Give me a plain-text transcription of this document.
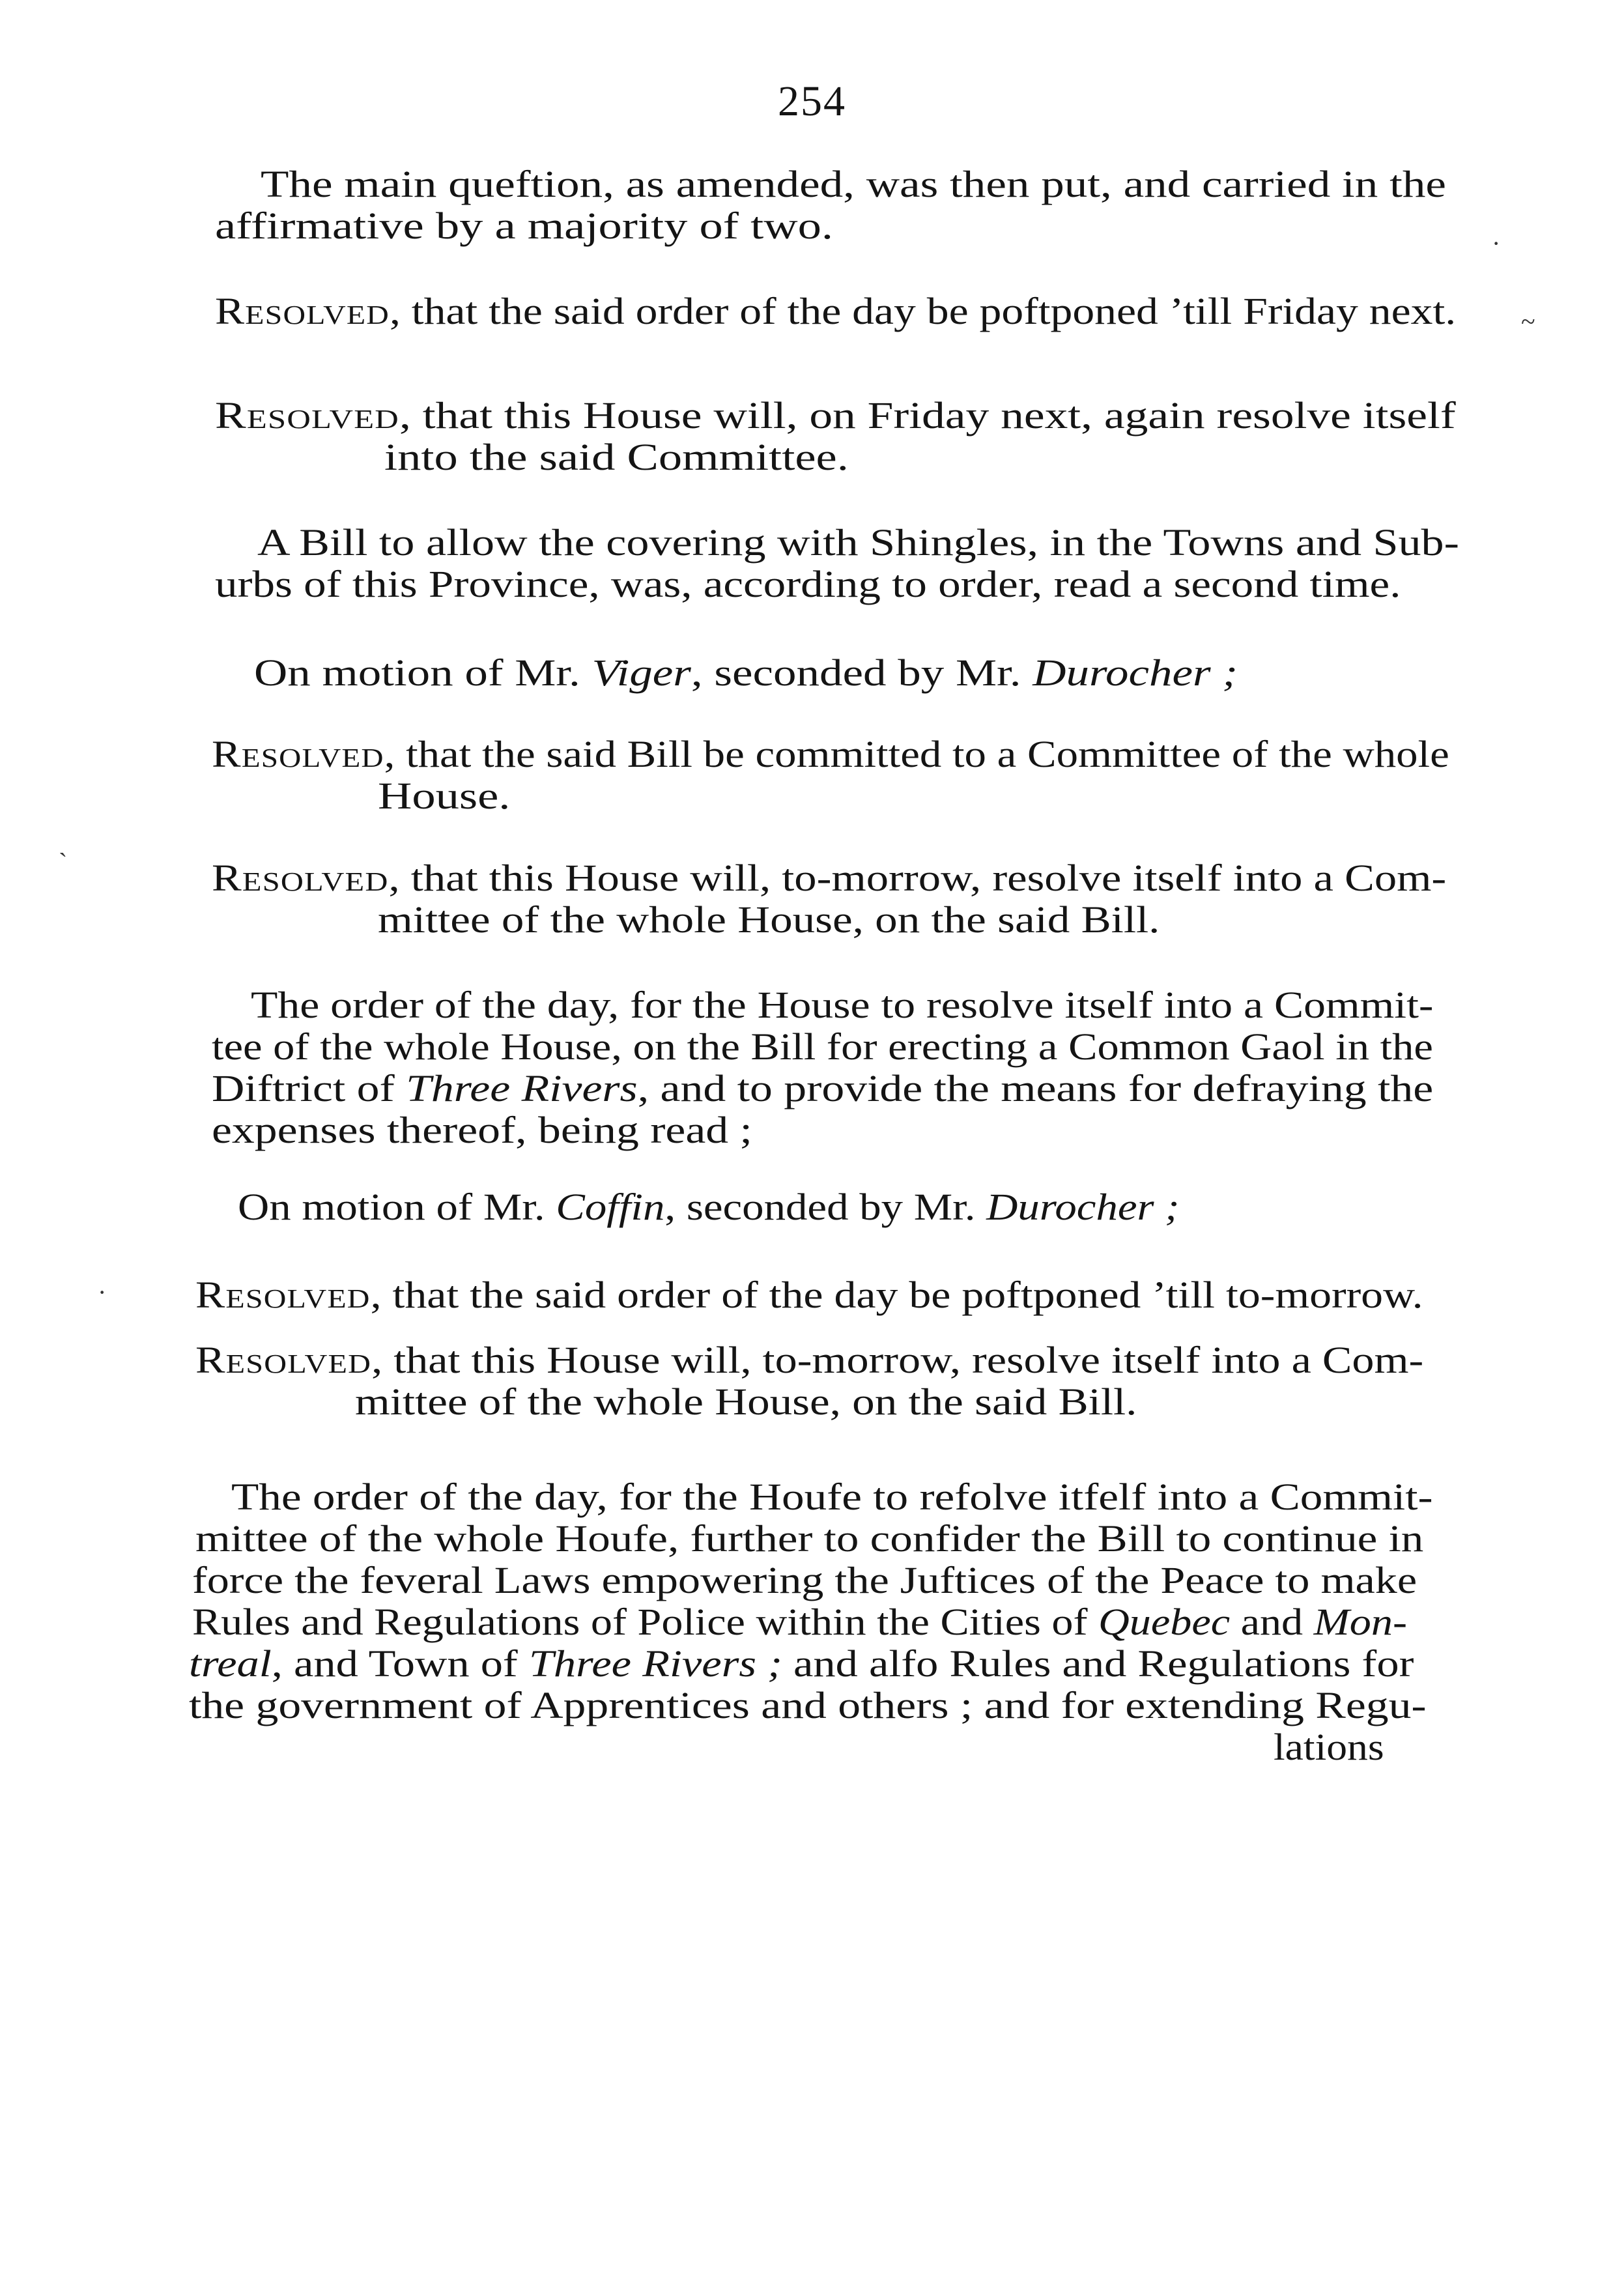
254
The main queftion, as amended, was then put, and carried in the
affirmative by a majority of two.
Resolved, that the said order of the day be poftponed ’till Friday next.
Resolved, that this House will, on Friday next, again resolve itself
into the said Committee.
A Bill to allow the covering with Shingles, in the Towns and Sub-
urbs of this Province, was, according to order, read a second time.
On motion of Mr. Viger, seconded by Mr. Durocher ;
Resolved, that the said Bill be committed to a Committee of the whole
House.
Resolved, that this House will, to-morrow, resolve itself into a Com-
mittee of the whole House, on the said Bill.
The order of the day, for the House to resolve itself into a Commit-
tee of the whole House, on the Bill for erecting a Common Gaol in the
Diftrict of Three Rivers, and to provide the means for defraying the
expenses thereof, being read ;
On motion of Mr. Coffin, seconded by Mr. Durocher ;
Resolved, that the said order of the day be poftponed ’till to-morrow.
Resolved, that this House will, to-morrow, resolve itself into a Com-
mittee of the whole House, on the said Bill.
The order of the day, for the Houfe to refolve itfelf into a Commit-
mittee of the whole Houfe, further to confider the Bill to continue in
force the feveral Laws empowering the Juftices of the Peace to make
Rules and Regulations of Police within the Cities of Quebec and Mon-
treal, and Town of Three Rivers ; and alfo Rules and Regulations for
the government of Apprentices and others ; and for extending Regu-
lations
·
~
`
·
